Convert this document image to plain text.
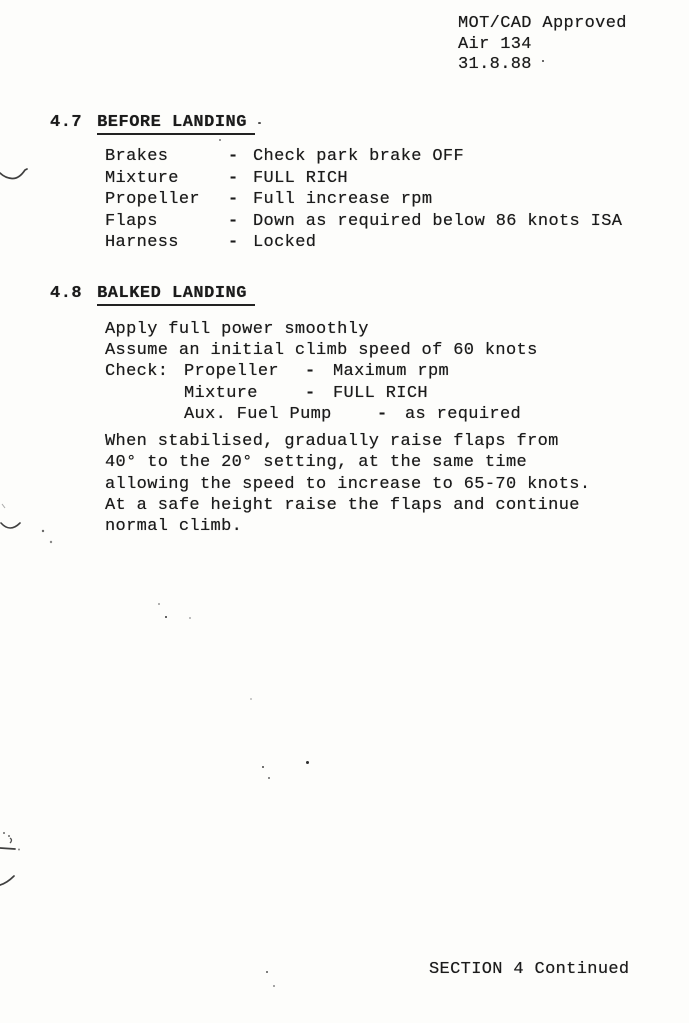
MOT/CAD Approved
Air 134
31.8.88
4.7 BEFORE LANDING
Brakes	- Check park brake OFF
Mixture	- FULL RICH
Propeller	- Full increase rpm
Flaps	- Down as required below 86 knots ISA
Harness	- Locked
4.8 BALKED LANDING
Apply full power smoothly
Assume an initial climb speed of 60 knots
Check: Propeller	-	Maximum rpm
Mixture	-	FULL RICH
Aux. Fuel Pump	-	as required
When stabilised, gradually raise flaps from
40° to the 20° setting, at the same time
allowing the speed to increase to 65-70 knots.
At a safe height raise the flaps and continue
normal climb.
SECTION 4 Continued
